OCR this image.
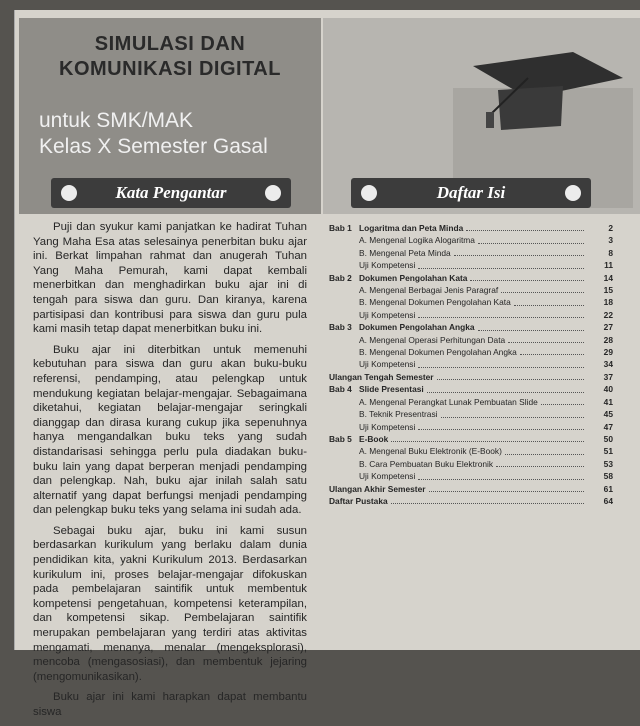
SIMULASI DAN
KOMUNIKASI DIGITAL
untuk SMK/MAK
Kelas X Semester Gasal
Kata Pengantar	Daftar Isi

Puji dan syukur kami panjatkan ke hadirat Tuhan Yang Maha Esa atas selesainya penerbitan buku ajar ini. Berkat limpahan rahmat dan anugerah Tuhan Yang Maha Pemurah, kami dapat kembali menerbitkan dan menghadirkan buku ajar ini di tengah para siswa dan guru. Dan kiranya, karena partisipasi dan kontribusi para siswa dan guru pula kami masih tetap dapat menerbitkan buku ini.

Buku ajar ini diterbitkan untuk memenuhi kebutuhan para siswa dan guru akan buku-buku referensi, pendamping, atau pelengkap untuk mendukung kegiatan belajar-mengajar. Sebagaimana diketahui, kegiatan belajar-mengajar seringkali dianggap dan dirasa kurang cukup jika sepenuhnya hanya mengandalkan buku teks yang sudah distandarisasi sehingga perlu pula diadakan buku-buku lain yang dapat berperan menjadi pendamping dan pelengkap. Nah, buku ajar inilah salah satu alternatif yang dapat berfungsi menjadi pendamping dan pelengkap buku teks yang selama ini sudah ada.

Sebagai buku ajar, buku ini kami susun berdasarkan kurikulum yang berlaku dalam dunia pendidikan kita, yakni Kurikulum 2013. Berdasarkan kurikulum ini, proses belajar-mengajar difokuskan pada pembelajaran saintifik untuk membentuk kompetensi pengetahuan, kompetensi keterampilan, dan kompetensi sikap. Pembelajaran saintifik merupakan pembelajaran yang terdiri atas aktivitas mengamati, menanya, menalar (mengeksplorasi), mencoba (mengasosiasi), dan membentuk jejaring (mengomunikasikan).

Buku ajar ini kami harapkan dapat membantu siswa

Bab 1 Logaritma dan Peta Minda	2
A. Mengenal Logika Alogaritma	3
B. Mengenal Peta Minda	8
Uji Kompetensi	11
Bab 2 Dokumen Pengolahan Kata	14
A. Mengenal Berbagai Jenis Paragraf	15
B. Mengenal Dokumen Pengolahan Kata	18
Uji Kompetensi	22
Bab 3 Dokumen Pengolahan Angka	27
A. Mengenal Operasi Perhitungan Data	28
B. Mengenal Dokumen Pengolahan Angka	29
Uji Kompetensi	34
Ulangan Tengah Semester	37
Bab 4 Slide Presentasi	40
A. Mengenal Perangkat Lunak Pembuatan Slide	41
B. Teknik Presentrasi	45
Uji Kompetensi	47
Bab 5 E-Book	50
A. Mengenal Buku Elektronik (E-Book)	51
B. Cara Pembuatan Buku Elektronik	53
Uji Kompetensi	58
Ulangan Akhir Semester	61
Daftar Pustaka	64
